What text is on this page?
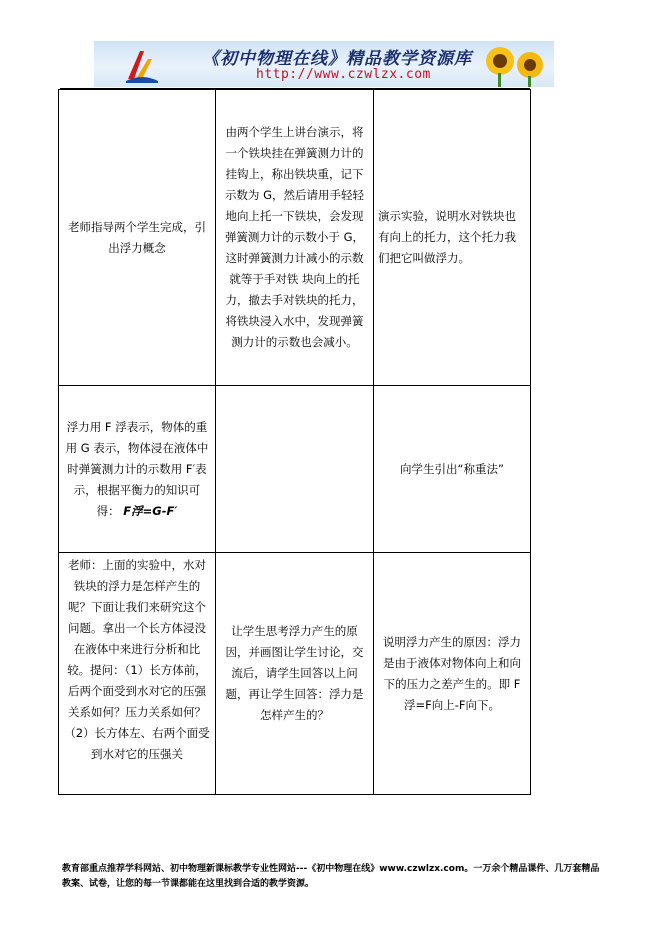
《初中物理在线》精品教学资源库
http://www.czwlzx.com
老师指导两个学生完成，引出浮力概念	由两个学生上讲台演示，将一个铁块挂在弹簧测力计的挂钩上，称出铁块重，记下示数为 G，然后请用手轻轻地向上托一下铁块，会发现弹簧测力计的示数小于 G，这时弹簧测力计减小的示数就等于手对铁 块向上的托力，撤去手对铁块的托力，将铁块浸入水中，发现弹簧测力计的示数也会减小。	演示实验，说明水对铁块也有向上的托力，这个托力我们把它叫做浮力。
浮力用 F 浮表示，物体的重用 G 表示，物体浸在液体中时弹簧测力计的示数用 F′表示，根据平衡力的知识可得： F浮=G-F′		向学生引出“称重法”
老师：上面的实验中，水对铁块的浮力是怎样产生的呢？下面让我们来研究这个问题。拿出一个长方体浸没在液体中来进行分析和比较。提问：（1）长方体前，后两个面受到水对它的压强关系如何？压力关系如何？（2）长方体左、右两个面受到水对它的压强关	让学生思考浮力产生的原因，并画图让学生讨论，交流后，请学生回答以上问题，再让学生回答：浮力是怎样产生的？	说明浮力产生的原因：浮力是由于液体对物体向上和向下的压力之差产生的。即 F浮=F向上-F向下。
教育部重点推荐学科网站、初中物理新课标教学专业性网站---《初中物理在线》www.czwlzx.com。一万余个精品课件、几万套精品教案、试卷，让您的每一节课都能在这里找到合适的教学资源。
